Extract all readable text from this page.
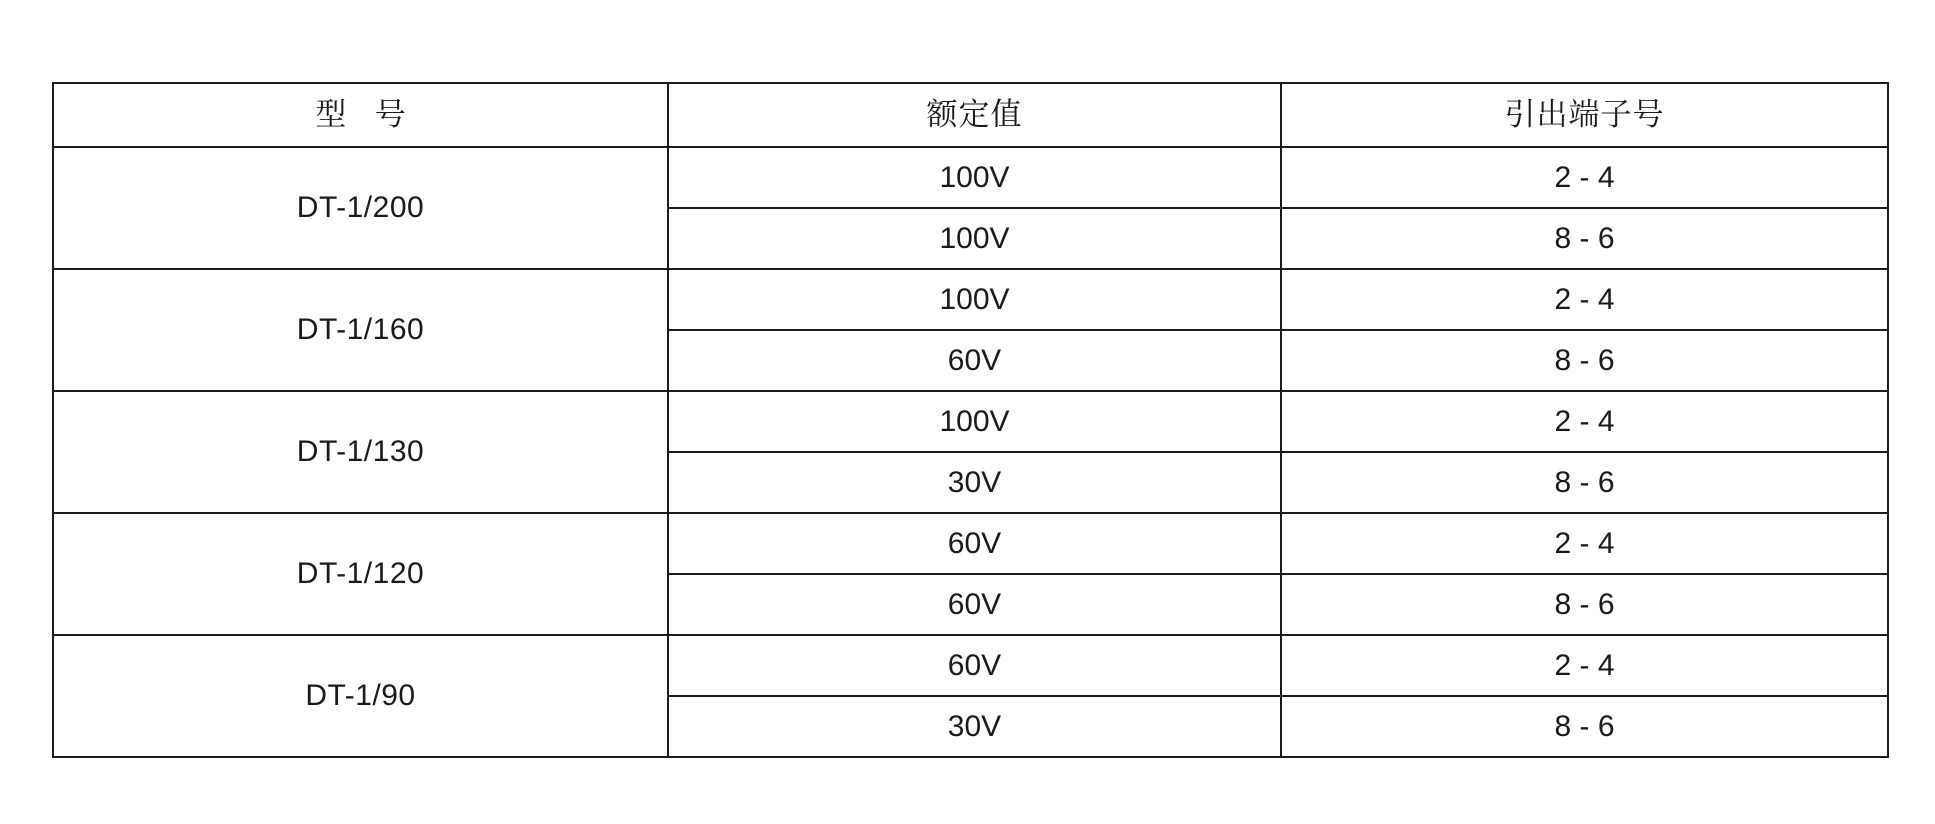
型 号	额定值	引出端子号
DT-1/200	100V	2 - 4
	100V	8 - 6
DT-1/160	100V	2 - 4
	60V	8 - 6
DT-1/130	100V	2 - 4
	30V	8 - 6
DT-1/120	60V	2 - 4
	60V	8 - 6
DT-1/90	60V	2 - 4
	30V	8 - 6
